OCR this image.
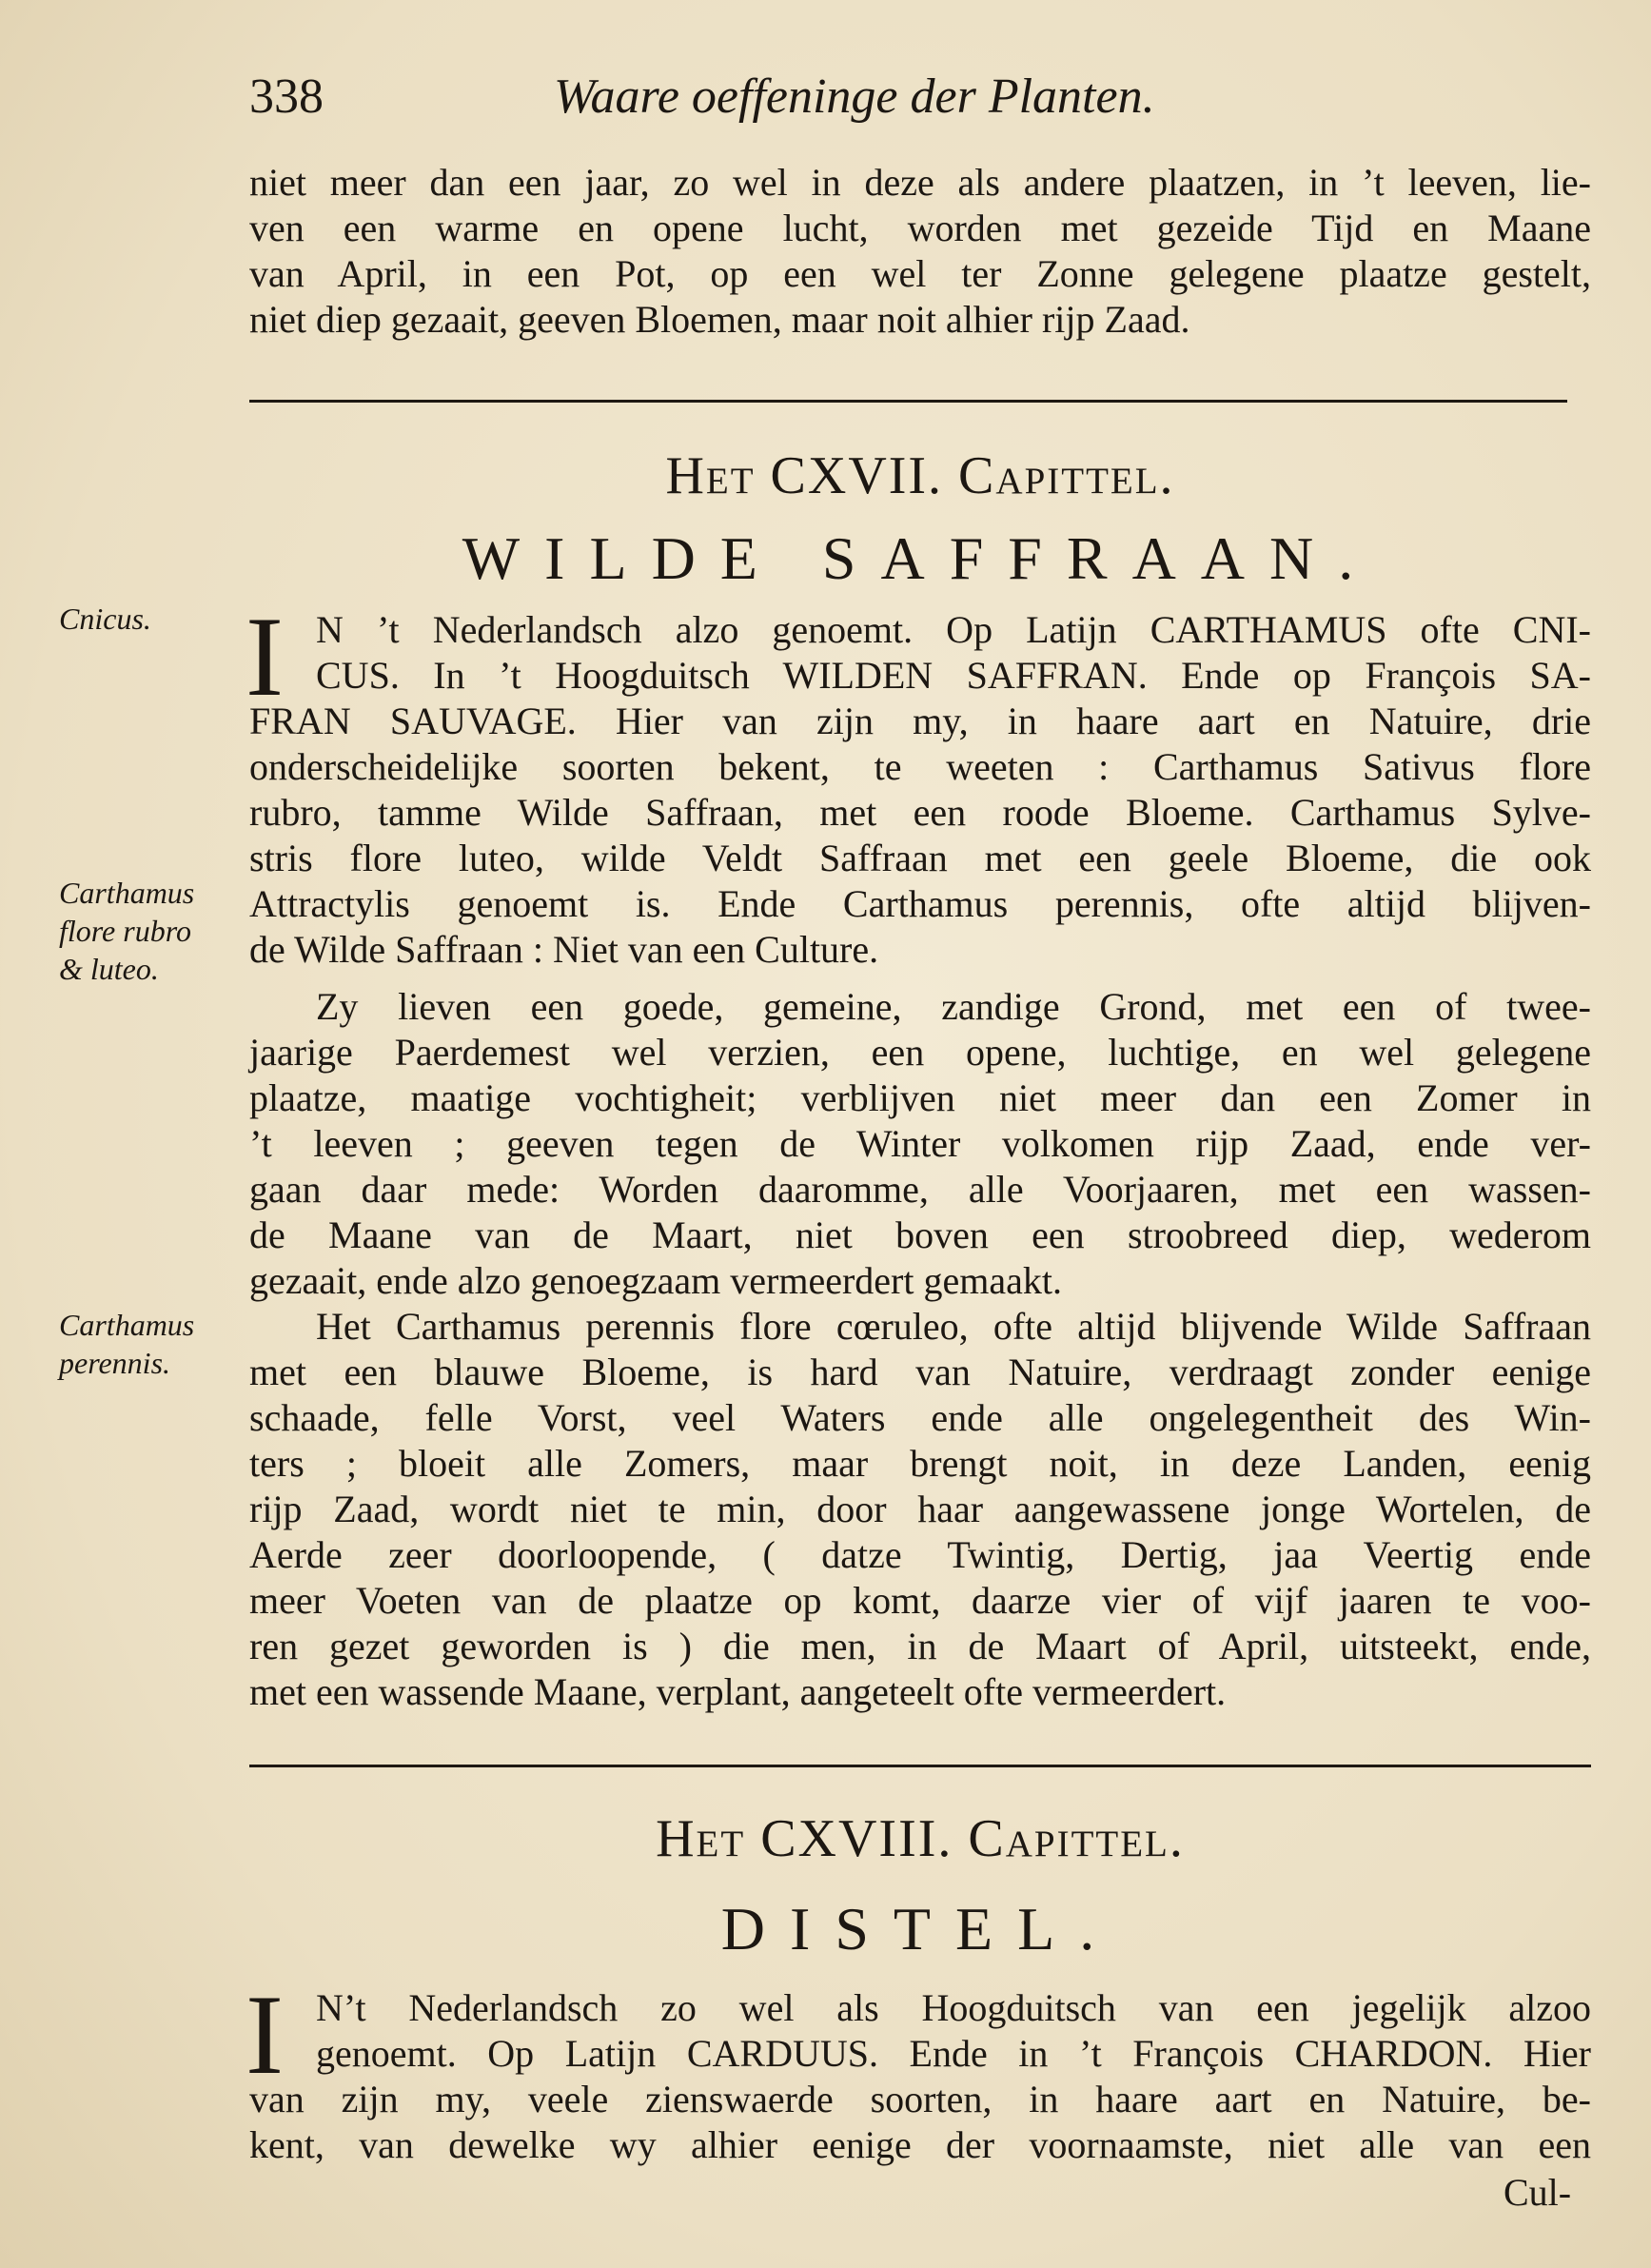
338	Waare oeffeninge der Planten.
niet meer dan een jaar, zo wel in deze als andere plaatzen, in ’t leeven, lie-
ven een warme en opene lucht, worden met gezeide Tijd en Maane
van April, in een Pot, op een wel ter Zonne gelegene plaatze gestelt,
niet diep gezaait, geeven Bloemen, maar noit alhier rijp Zaad.
Het CXVII. Capittel.
WILDE SAFFRAAN.
I N ’t Nederlandsch alzo genoemt. Op Latijn CARTHAMUS ofte CNI-
CUS. In ’t Hoogduitsch WILDEN SAFFRAN. Ende op François SA-
FRAN SAUVAGE. Hier van zijn my, in haare aart en Natuire, drie
onderscheidelijke soorten bekent, te weeten : Carthamus Sativus flore
rubro, tamme Wilde Saffraan, met een roode Bloeme. Carthamus Sylve-
stris flore luteo, wilde Veldt Saffraan met een geele Bloeme, die ook
Attractylis genoemt is. Ende Carthamus perennis, ofte altijd blijven-
de Wilde Saffraan : Niet van een Culture.
Zy lieven een goede, gemeine, zandige Grond, met een of twee-
jaarige Paerdemest wel verzien, een opene, luchtige, en wel gelegene
plaatze, maatige vochtigheit; verblijven niet meer dan een Zomer in
’t leeven ; geeven tegen de Winter volkomen rijp Zaad, ende ver-
gaan daar mede: Worden daaromme, alle Voorjaaren, met een wassen-
de Maane van de Maart, niet boven een stroobreed diep, wederom
gezaait, ende alzo genoegzaam vermeerdert gemaakt.
Het Carthamus perennis flore cœruleo, ofte altijd blijvende Wilde Saffraan
met een blauwe Bloeme, is hard van Natuire, verdraagt zonder eenige
schaade, felle Vorst, veel Waters ende alle ongelegentheit des Win-
ters ; bloeit alle Zomers, maar brengt noit, in deze Landen, eenig
rijp Zaad, wordt niet te min, door haar aangewassene jonge Wortelen, de
Aerde zeer doorloopende, ( datze Twintig, Dertig, jaa Veertig ende
meer Voeten van de plaatze op komt, daarze vier of vijf jaaren te voo-
ren gezet geworden is ) die men, in de Maart of April, uitsteekt, ende,
met een wassende Maane, verplant, aangeteelt ofte vermeerdert.
Het CXVIII. Capittel.
DISTEL.
I N’t Nederlandsch zo wel als Hoogduitsch van een jegelijk alzoo
genoemt. Op Latijn CARDUUS. Ende in ’t François CHARDON. Hier
van zijn my, veele zienswaerde soorten, in haare aart en Natuire, be-
kent, van dewelke wy alhier eenige der voornaamste, niet alle van een
Cul-
Cnicus.
Carthamus
flore rubro
& luteo.
Carthamus
perennis.
